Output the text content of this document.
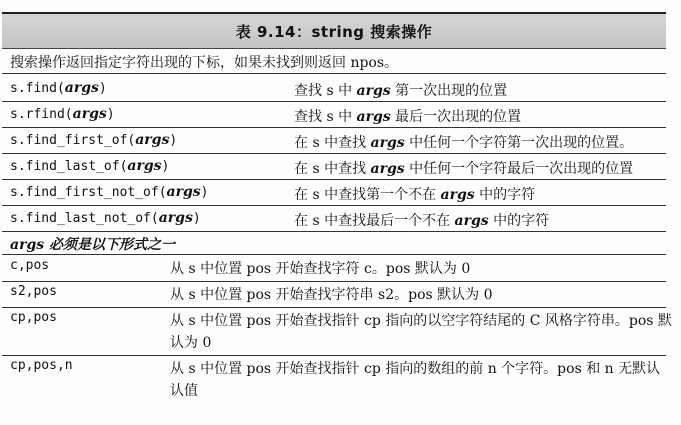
表 9.14：string 搜索操作
搜索操作返回指定字符出现的下标，如果未找到则返回 npos。
s.find(args)	查找 s 中 args 第一次出现的位置
s.rfind(args)	查找 s 中 args 最后一次出现的位置
s.find_first_of(args)	在 s 中查找 args 中任何一个字符第一次出现的位置。
s.find_last_of(args)	在 s 中查找 args 中任何一个字符最后一次出现的位置
s.find_first_not_of(args)	在 s 中查找第一个不在 args 中的字符
s.find_last_not_of(args)	在 s 中查找最后一个不在 args 中的字符
args 必须是以下形式之一
c,pos	从 s 中位置 pos 开始查找字符 c。pos 默认为 0
s2,pos	从 s 中位置 pos 开始查找字符串 s2。pos 默认为 0
cp,pos	从 s 中位置 pos 开始查找指针 cp 指向的以空字符结尾的 C 风格字符串。pos 默认为 0
cp,pos,n	从 s 中位置 pos 开始查找指针 cp 指向的数组的前 n 个字符。pos 和 n 无默认认值
